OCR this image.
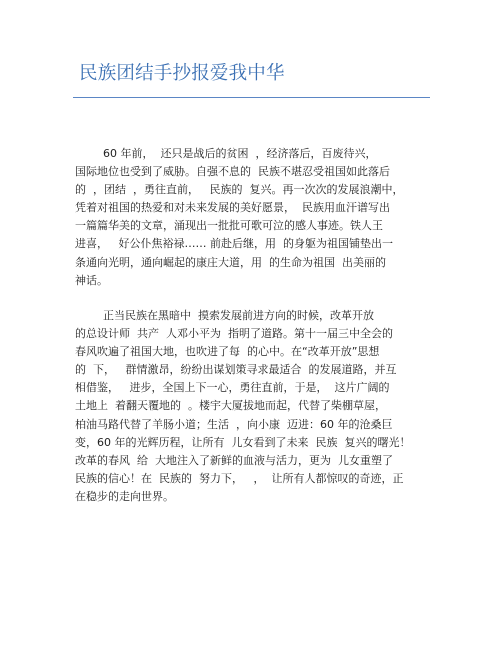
民族团结手抄报爱我中华
60 年前，  还只是战后的贫困  ，经济落后，百废待兴，
国际地位也受到了威胁。自强不息的  民族不堪忍受祖国如此落后
的  ，团结  ，勇往直前，   民族的  复兴。再一次次的发展浪潮中，
凭着对祖国的热爱和对未来发展的美好愿景，  民族用血汗谱写出
一篇篇华美的文章，涌现出一批批可歌可泣的感人事迹。铁人王
进喜，   好公仆焦裕禄…… 前赴后继，用  的身躯为祖国铺垫出一
条通向光明，通向崛起的康庄大道，用  的生命为祖国  出美丽的
神话。
正当民族在黑暗中  摸索发展前进方向的时候，改革开放
的总设计师  共产  人邓小平为  指明了道路。第十一届三中全会的
春风吹遍了祖国大地，也吹进了每  的心中。在“改革开放”思想
的  下，   群情激昂，纷纷出谋划策寻求最适合  的发展道路，并互
相借鉴，   进步，全国上下一心，勇往直前，于是，  这片广阔的
土地上  着翻天覆地的  。楼宇大厦拔地而起，代替了柴棚草屋，
柏油马路代替了羊肠小道；生活  ，向小康  迈进：60 年的沧桑巨
变，60 年的光辉历程，让所有  儿女看到了未来  民族  复兴的曙光！
改革的春风  给  大地注入了新鲜的血液与活力，更为  儿女重塑了
民族的信心！在  民族的  努力下，   ，  让所有人都惊叹的奇迹，正
在稳步的走向世界。
